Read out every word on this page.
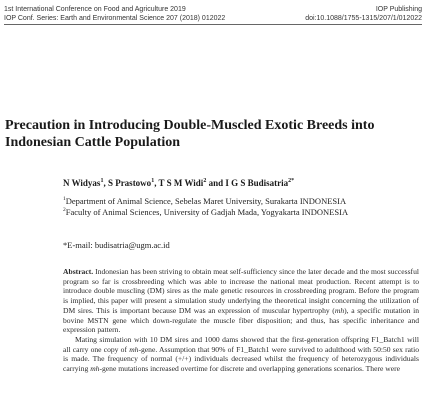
1st International Conference on Food and Agriculture 2019	IOP Publishing
IOP Conf. Series: Earth and Environmental Science 207 (2018) 012022	doi:10.1088/1755-1315/207/1/012022
Precaution in Introducing Double-Muscled Exotic Breeds into Indonesian Cattle Population
N Widyas$^1$, S Prastowo$^1$, T S M Widi$^2$ and I G S Budisatria$^{2*}$
$^1$Department of Animal Science, Sebelas Maret University, Surakarta INDONESIA
$^2$Faculty of Animal Sciences, University of Gadjah Mada, Yogyakarta INDONESIA
*E-mail: budisatria@ugm.ac.id

Abstract. Indonesian has been striving to obtain meat self-sufficiency since the later decade and the most successful program so far is crossbreeding which was able to increase the national meat production. Recent attempt is to introduce double muscling (DM) sires as the male genetic resources in crossbreeding program. Before the program is implied, this paper will present a simulation study underlying the theoretical insight concerning the utilization of DM sires. This is important because DM was an expression of muscular hypertrophy (mh), a specific mutation in bovine MSTN gene which down-regulate the muscle fiber disposition; and thus, has specific inheritance and expression pattern.

Mating simulation with 10 DM sires and 1000 dams showed that the first-generation offspring F1_Batch1 will all carry one copy of mh-gene. Assumption that 90% of F1_Batch1 were survived to adulthood with 50:50 sex ratio is made. The frequency of normal (+/+) individuals decreased whilst the frequency of heterozygous individuals carrying mh-gene mutations increased overtime for discrete and overlapping generations scenarios. There were
